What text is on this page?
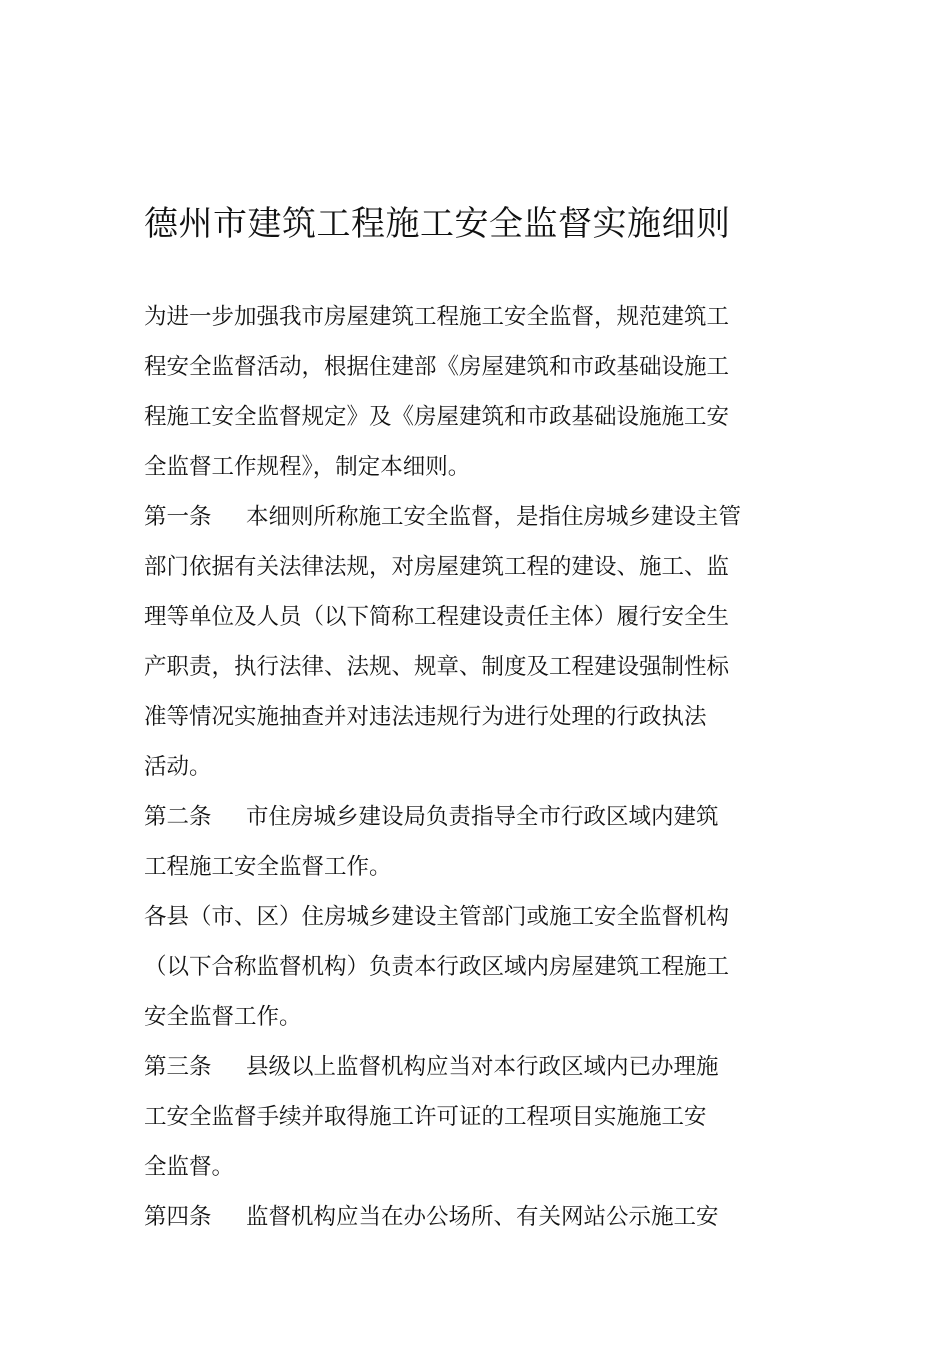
德州市建筑工程施工安全监督实施细则

为进一步加强我市房屋建筑工程施工安全监督，规范建筑工

程安全监督活动，根据住建部《房屋建筑和市政基础设施工

程施工安全监督规定》及《房屋建筑和市政基础设施施工安

全监督工作规程》，制定本细则。

第一条 本细则所称施工安全监督，是指住房城乡建设主管

部门依据有关法律法规，对房屋建筑工程的建设、施工、监

理等单位及人员（以下简称工程建设责任主体）履行安全生

产职责，执行法律、法规、规章、制度及工程建设强制性标

准等情况实施抽查并对违法违规行为进行处理的行政执法

活动。

第二条 市住房城乡建设局负责指导全市行政区域内建筑

工程施工安全监督工作。

各县（市、区）住房城乡建设主管部门或施工安全监督机构

（以下合称监督机构）负责本行政区域内房屋建筑工程施工

安全监督工作。

第三条 县级以上监督机构应当对本行政区域内已办理施

工安全监督手续并取得施工许可证的工程项目实施施工安

全监督。

第四条 监督机构应当在办公场所、有关网站公示施工安
